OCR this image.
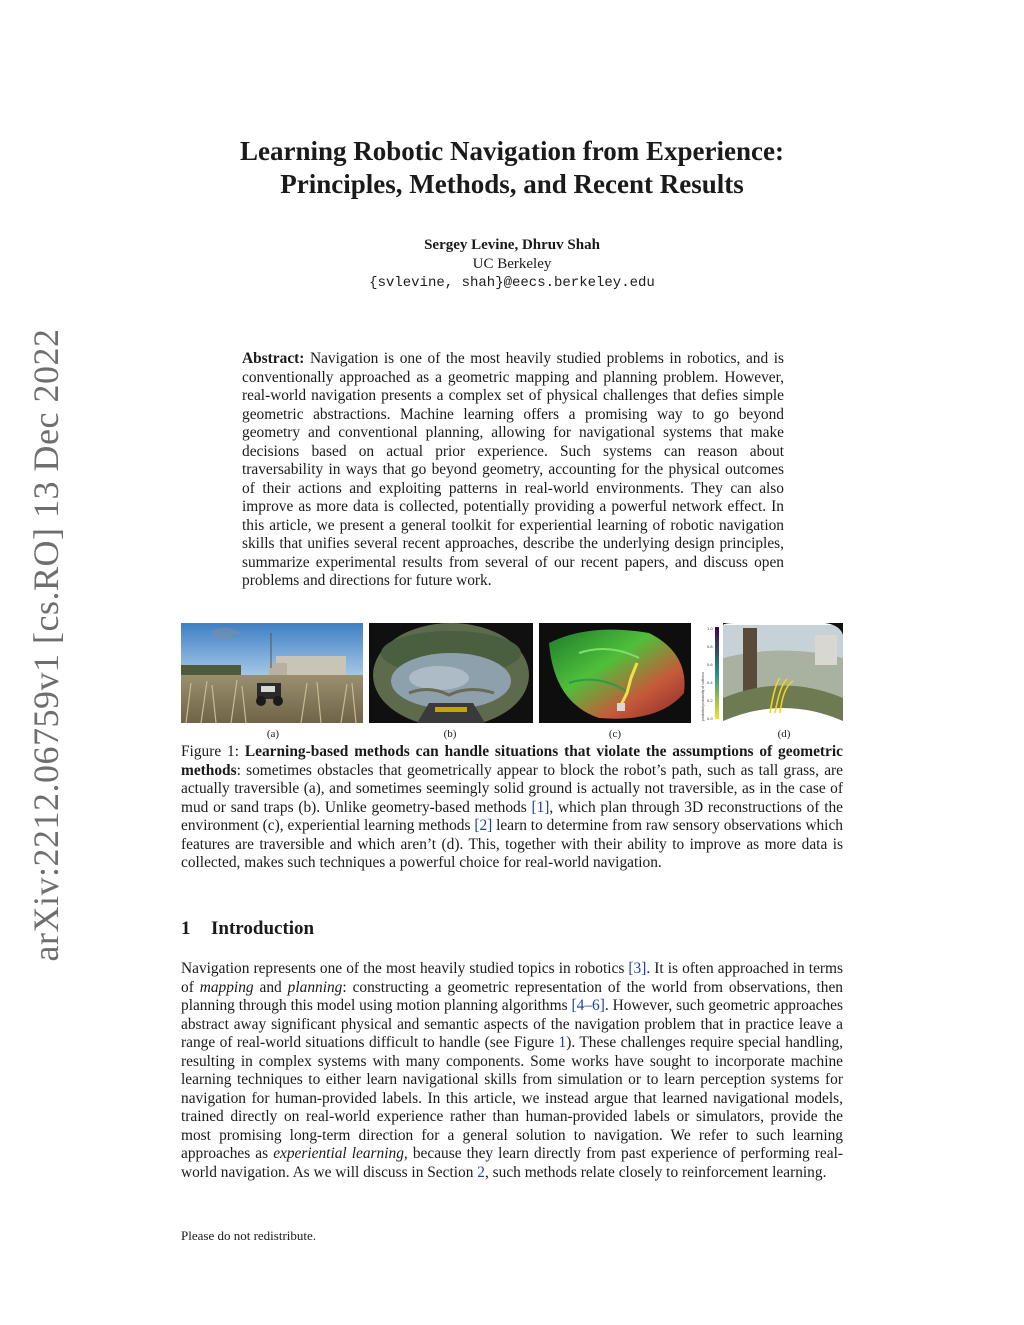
arXiv:2212.06759v1 [cs.RO] 13 Dec 2022
Learning Robotic Navigation from Experience:
Principles, Methods, and Recent Results
Sergey Levine, Dhruv Shah
UC Berkeley
{svlevine, shah}@eecs.berkeley.edu
Abstract: Navigation is one of the most heavily studied problems in robotics, and is conventionally approached as a geometric mapping and planning problem. However, real-world navigation presents a complex set of physical challenges that defies simple geometric abstractions. Machine learning offers a promising way to go beyond geometry and conventional planning, allowing for navigational systems that make decisions based on actual prior experience. Such systems can reason about traversability in ways that go beyond geometry, accounting for the physical outcomes of their actions and exploiting patterns in real-world environments. They can also improve as more data is collected, potentially providing a powerful network effect. In this article, we present a general toolkit for experiential learning of robotic navigation skills that unifies several recent approaches, describe the underlying design principles, summarize experimental results from several of our recent papers, and discuss open problems and directions for future work.
predicted probability of collision
1.0
0.8
0.6
0.4
0.2
0.0
(a)	(b)	(c)	(d)
Figure 1: Learning-based methods can handle situations that violate the assumptions of geometric methods: sometimes obstacles that geometrically appear to block the robot’s path, such as tall grass, are actually traversible (a), and sometimes seemingly solid ground is actually not traversible, as in the case of mud or sand traps (b). Unlike geometry-based methods [1], which plan through 3D reconstructions of the environment (c), experiential learning methods [2] learn to determine from raw sensory observations which features are traversible and which aren’t (d). This, together with their ability to improve as more data is collected, makes such techniques a powerful choice for real-world navigation.
1 Introduction
Navigation represents one of the most heavily studied topics in robotics [3]. It is often approached in terms of mapping and planning: constructing a geometric representation of the world from observations, then planning through this model using motion planning algorithms [4–6]. However, such geometric approaches abstract away significant physical and semantic aspects of the navigation problem that in practice leave a range of real-world situations difficult to handle (see Figure 1). These challenges require special handling, resulting in complex systems with many components. Some works have sought to incorporate machine learning techniques to either learn navigational skills from simulation or to learn perception systems for navigation for human-provided labels. In this article, we instead argue that learned navigational models, trained directly on real-world experience rather than human-provided labels or simulators, provide the most promising long-term direction for a general solution to navigation. We refer to such learning approaches as experiential learning, because they learn directly from past experience of performing real-world navigation. As we will discuss in Section 2, such methods relate closely to reinforcement learning.
Please do not redistribute.
